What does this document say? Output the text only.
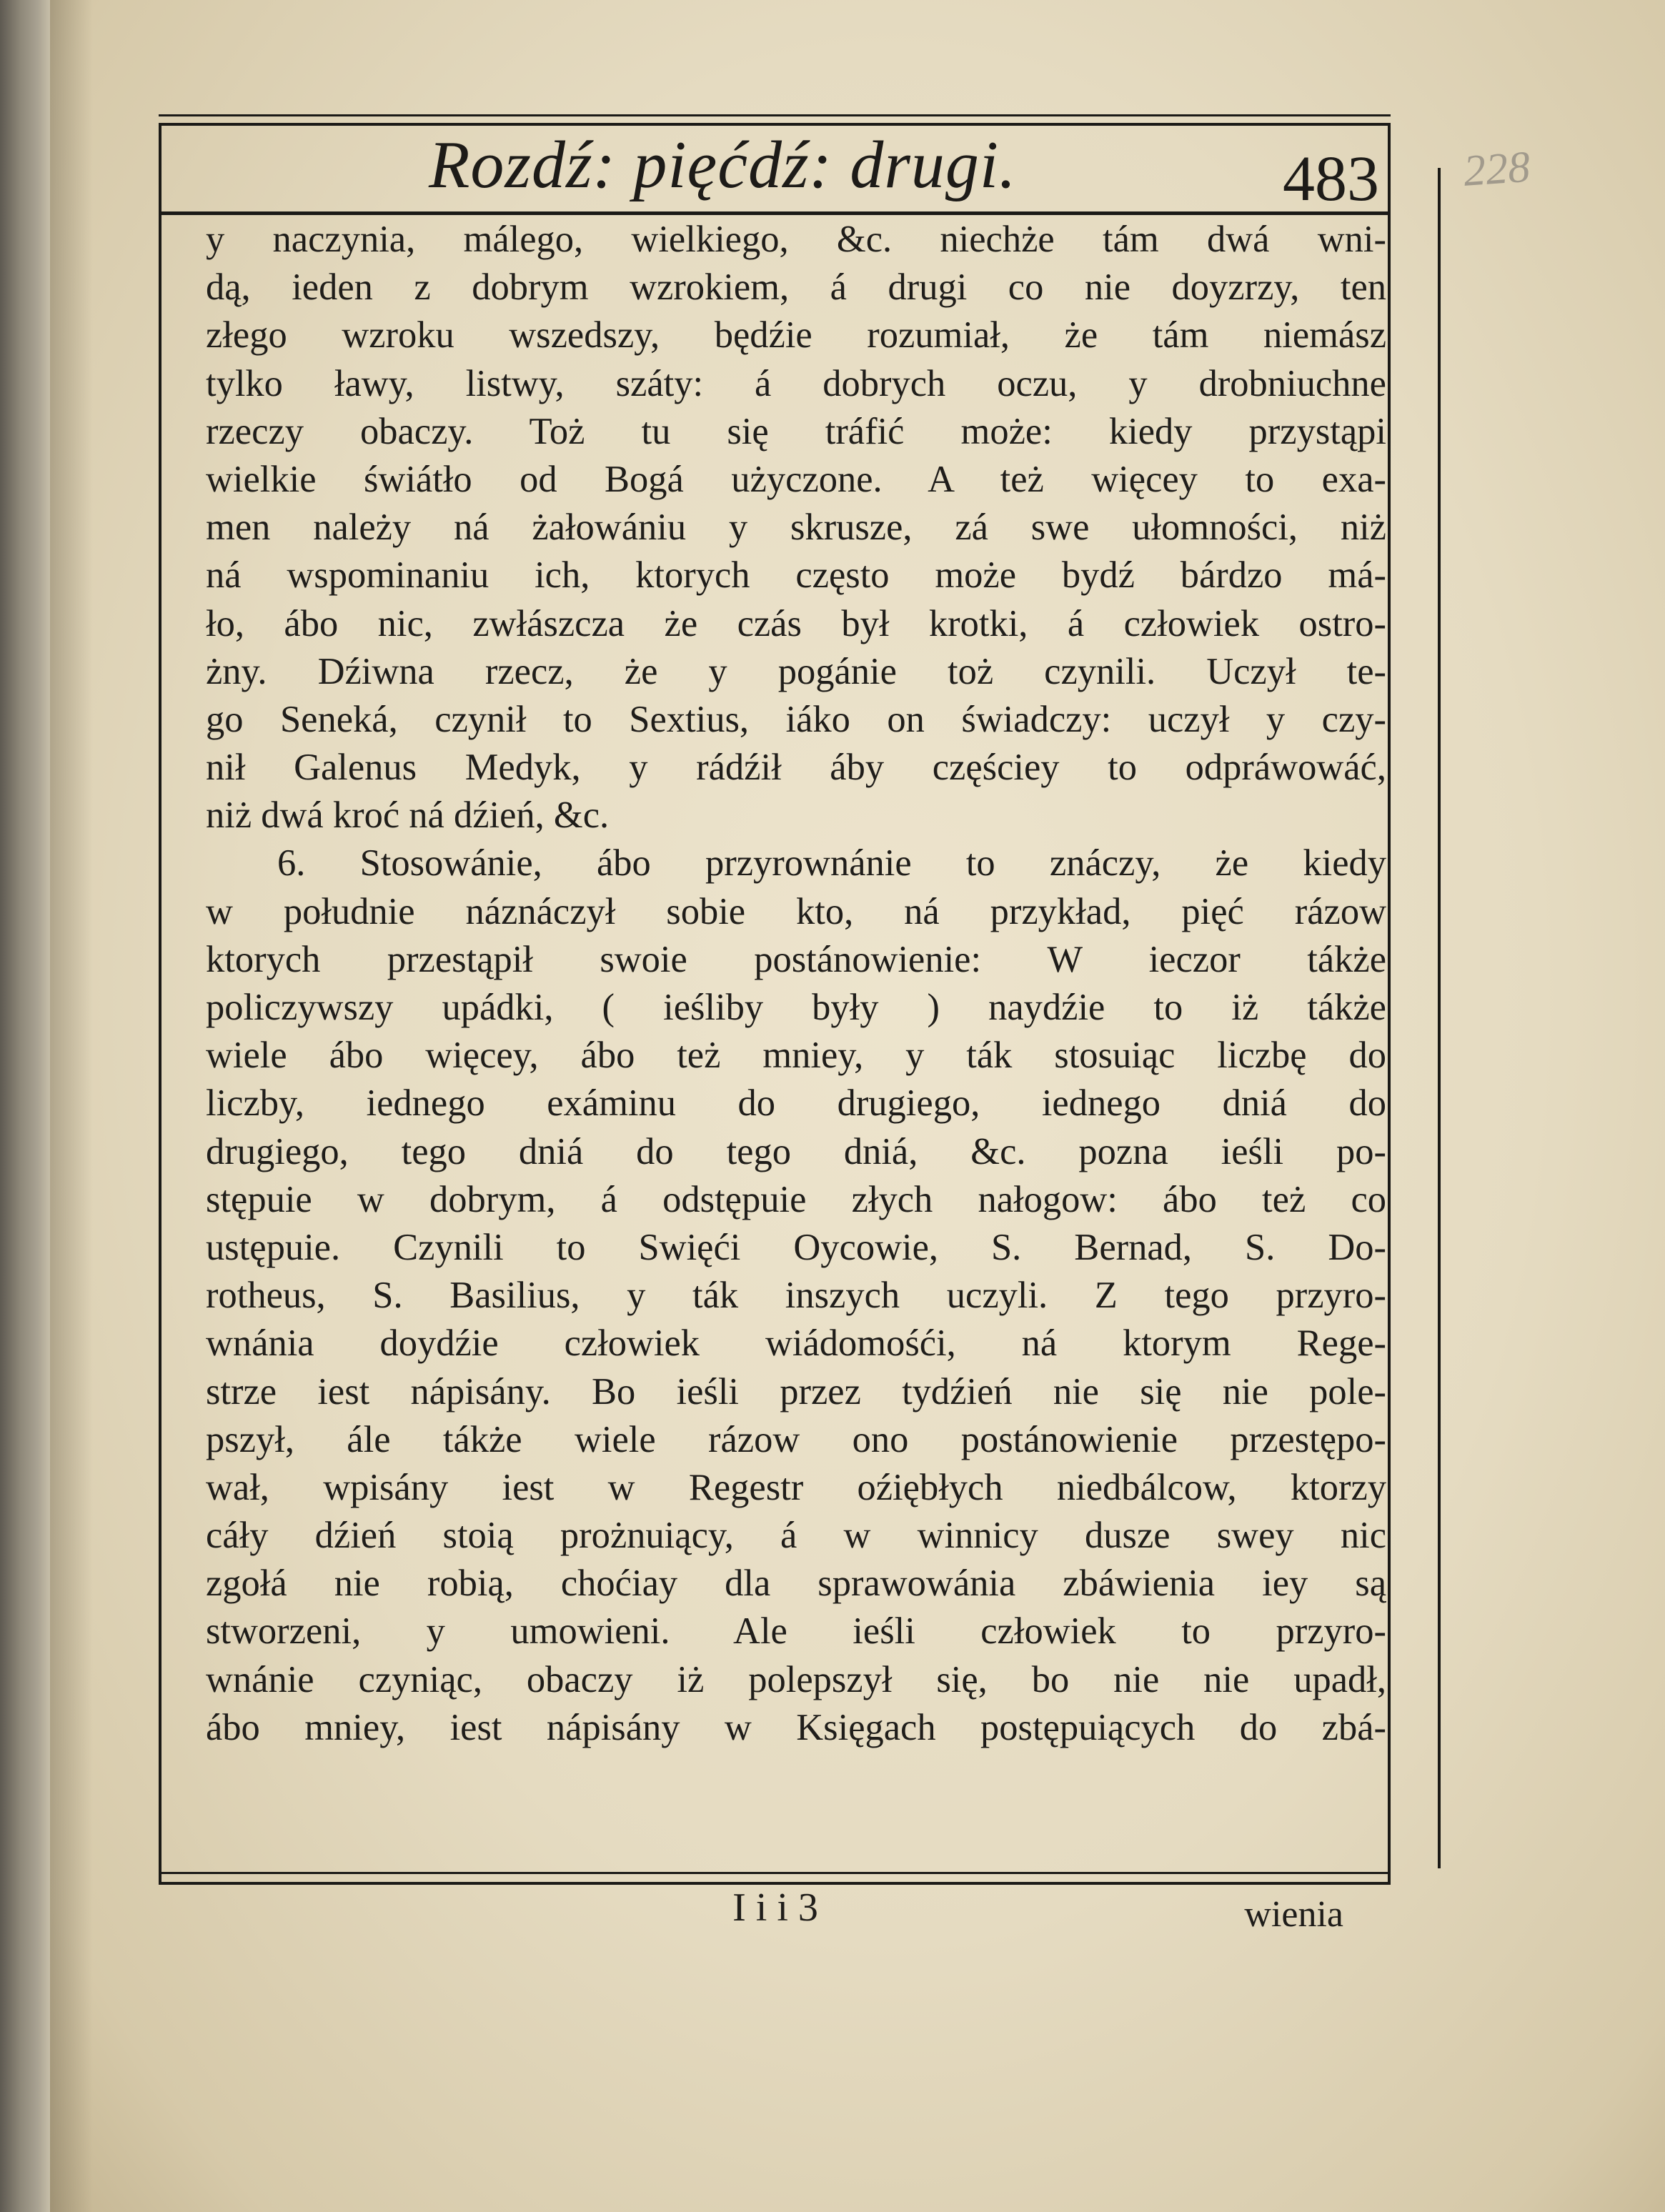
Rozdź: pięćdź: drugi.	483 228
y naczynia, málego, wielkiego, &c. niechże tám dwá wni-
dą, ieden z dobrym wzrokiem, á drugi co nie doyzrzy, ten
złego wzroku wszedszy, będźie rozumiał, że tám niemász
tylko ławy, listwy, száty: á dobrych oczu, y drobniuchne
rzeczy obaczy. Toż tu się tráfić może: kiedy przystąpi
wielkie świátło od Bogá użyczone. A też więcey to exa-
men należy ná żałowániu y skrusze, zá swe ułomności, niż
ná wspominaniu ich, ktorych często może bydź bárdzo má-
ło, ábo nic, zwłászcza że czás był krotki, á człowiek ostro-
żny. Dźiwna rzecz, że y pogánie toż czynili. Uczył te-
go Seneká, czynił to Sextius, iáko on świadczy: uczył y czy-
nił Galenus Medyk, y rádźił áby częściey to odpráwowáć,
niż dwá kroć ná dźień, &c.
6. Stosowánie, ábo przyrownánie to znáczy, że kiedy
w południe náznáczył sobie kto, ná przykład, pięć rázow
ktorych przestąpił swoie postánowienie: W ieczor tákże
policzywszy upádki, ( ieśliby były ) naydźie to iż tákże
wiele ábo więcey, ábo też mniey, y ták stosuiąc liczbę do
liczby, iednego exáminu do drugiego, iednego dniá do
drugiego, tego dniá do tego dniá, &c. pozna ieśli po-
stępuie w dobrym, á odstępuie złych nałogow: ábo też co
ustępuie. Czynili to Swięći Oycowie, S. Bernad, S. Do-
rotheus, S. Basilius, y ták inszych uczyli. Z tego przyro-
wnánia doydźie człowiek wiádomośći, ná ktorym Rege-
strze iest nápisány. Bo ieśli przez tydźień nie się nie pole-
pszył, ále tákże wiele rázow ono postánowienie przestępo-
wał, wpisány iest w Regestr oźiębłych niedbálcow, ktorzy
cáły dźień stoią prożnuiący, á w winnicy dusze swey nic
zgołá nie robią, choćiay dla sprawowánia zbáwienia iey są
stworzeni, y umowieni. Ale ieśli człowiek to przyro-
wnánie czyniąc, obaczy iż polepszył się, bo nie nie upadł,
ábo mniey, iest nápisány w Księgach postępuiących do zbá-
I i i 3	wienia
